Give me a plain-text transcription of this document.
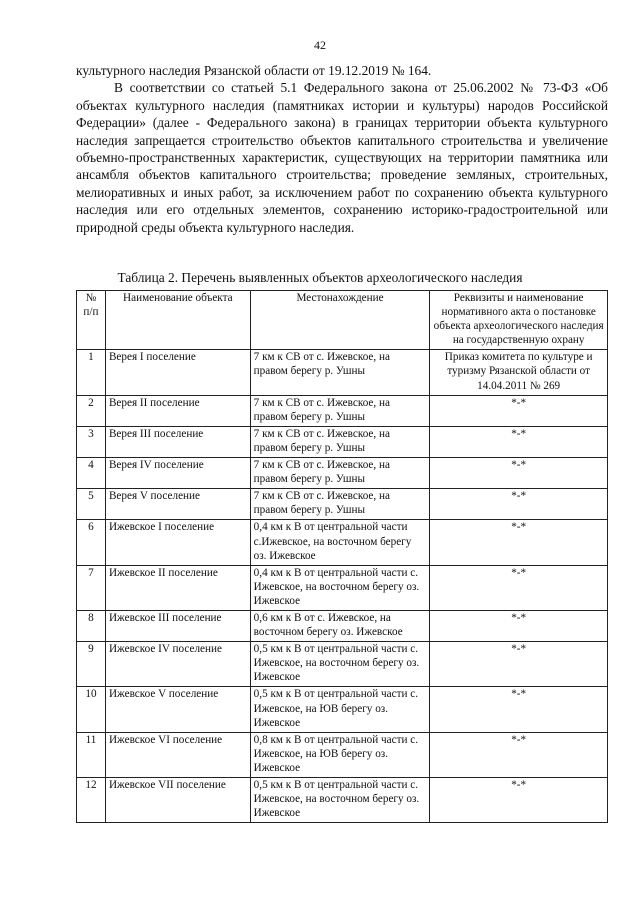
42

культурного наследия Рязанской области от 19.12.2019 № 164.

В соответствии со статьей 5.1 Федерального закона от 25.06.2002 № 73-ФЗ «Об объектах культурного наследия (памятниках истории и культуры) народов Российской Федерации» (далее - Федерального закона) в границах территории объекта культурного наследия запрещается строительство объектов капитального строительства и увеличение объемно-пространственных характеристик, существующих на территории памятника или ансамбля объектов капитального строительства; проведение земляных, строительных, мелиоративных и иных работ, за исключением работ по сохранению объекта культурного наследия или его отдельных элементов, сохранению историко-градостроительной или природной среды объекта культурного наследия.

Таблица 2. Перечень выявленных объектов археологического наследия
№ п/п	Наименование объекта	Местонахождение	Реквизиты и наименование нормативного акта о постановке объекта археологического наследия на государственную охрану
1	Верея I поселение	7 км к СВ от с. Ижевское, на правом берегу р. Ушны	Приказ комитета по культуре и туризму Рязанской области от 14.04.2011 № 269
2	Верея II поселение	7 км к СВ от с. Ижевское, на правом берегу р. Ушны	*-*
3	Верея III поселение	7 км к СВ от с. Ижевское, на правом берегу р. Ушны	*-*
4	Верея IV поселение	7 км к СВ от с. Ижевское, на правом берегу р. Ушны	*-*
5	Верея V поселение	7 км к СВ от с. Ижевское, на правом берегу р. Ушны	*-*
6	Ижевское I поселение	0,4 км к В от центральной части с.Ижевское, на восточном берегу оз. Ижевское	*-*
7	Ижевское II поселение	0,4 км к В от центральной части с. Ижевское, на восточном берегу оз. Ижевское	*-*
8	Ижевское III поселение	0,6 км к В от с. Ижевское, на восточном берегу оз. Ижевское	*-*
9	Ижевское IV поселение	0,5 км к В от центральной части с. Ижевское, на восточном берегу оз. Ижевское	*-*
10	Ижевское V поселение	0,5 км к В от центральной части с. Ижевское, на ЮВ берегу оз. Ижевское	*-*
11	Ижевское VI поселение	0,8 км к В от центральной части с. Ижевское, на ЮВ берегу оз. Ижевское	*-*
12	Ижевское VII поселение	0,5 км к В от центральной части с. Ижевское, на восточном берегу оз. Ижевское	*-*
